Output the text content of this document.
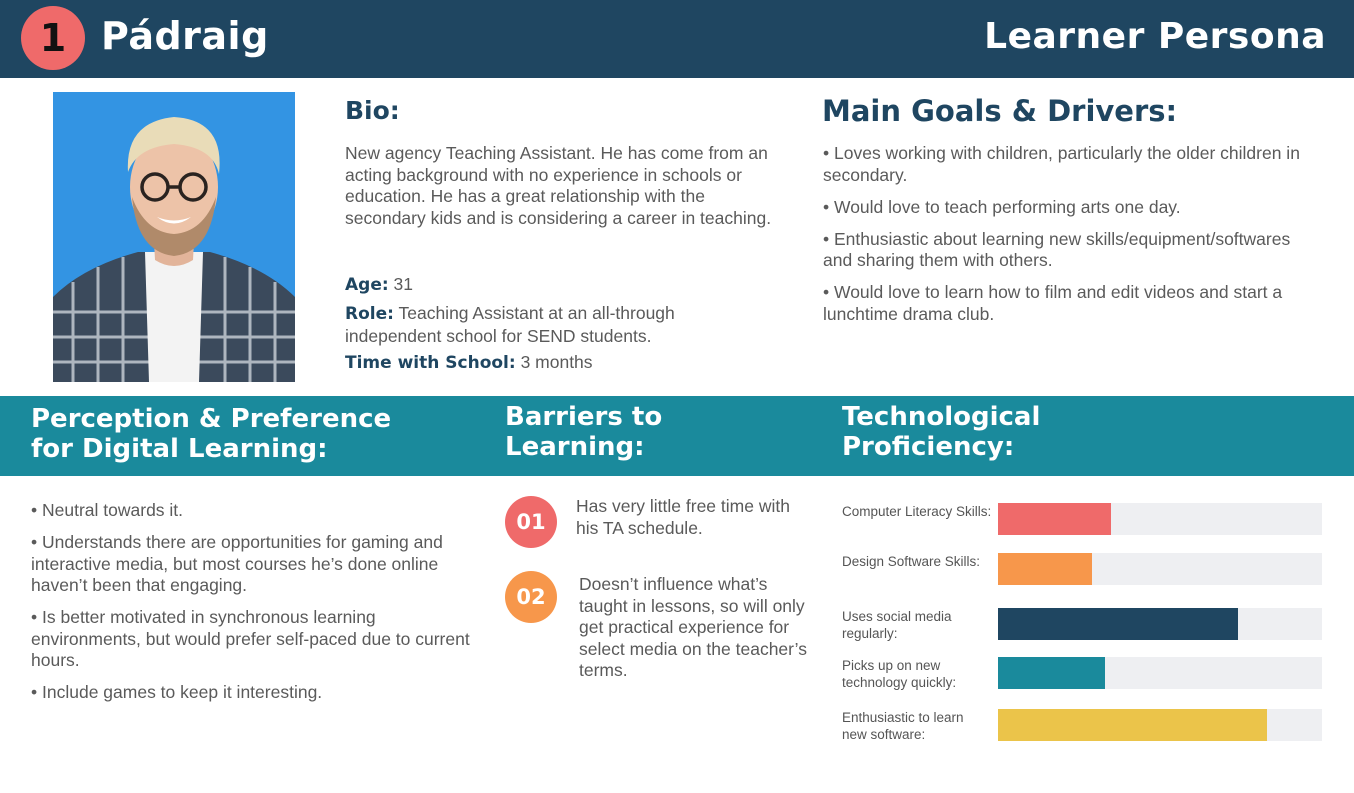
1 Pádraig	Learner Persona
Bio:
New agency Teaching Assistant. He has come from an acting background with no experience in schools or education. He has a great relationship with the secondary kids and is considering a career in teaching.
Age: 31
Role: Teaching Assistant at an all-through independent school for SEND students.
Time with School: 3 months
Main Goals & Drivers:
• Loves working with children, particularly the older children in secondary.
• Would love to teach performing arts one day.
• Enthusiastic about learning new skills/equipment/softwares and sharing them with others.
• Would love to learn how to film and edit videos and start a lunchtime drama club.
Perception & Preference for Digital Learning:
Barriers to Learning:
Technological Proficiency:
• Neutral towards it.
• Understands there are opportunities for gaming and interactive media, but most courses he’s done online haven’t been that engaging.
• Is better motivated in synchronous learning environments, but would prefer self-paced due to current hours.
• Include games to keep it interesting.
01
Has very little free time with his TA schedule.
02
Doesn’t influence what’s taught in lessons, so will only get practical experience for select media on the teacher’s terms.
Computer Literacy Skills:
Design Software Skills:
Uses social media regularly:
Picks up on new technology quickly:
Enthusiastic to learn new software:
